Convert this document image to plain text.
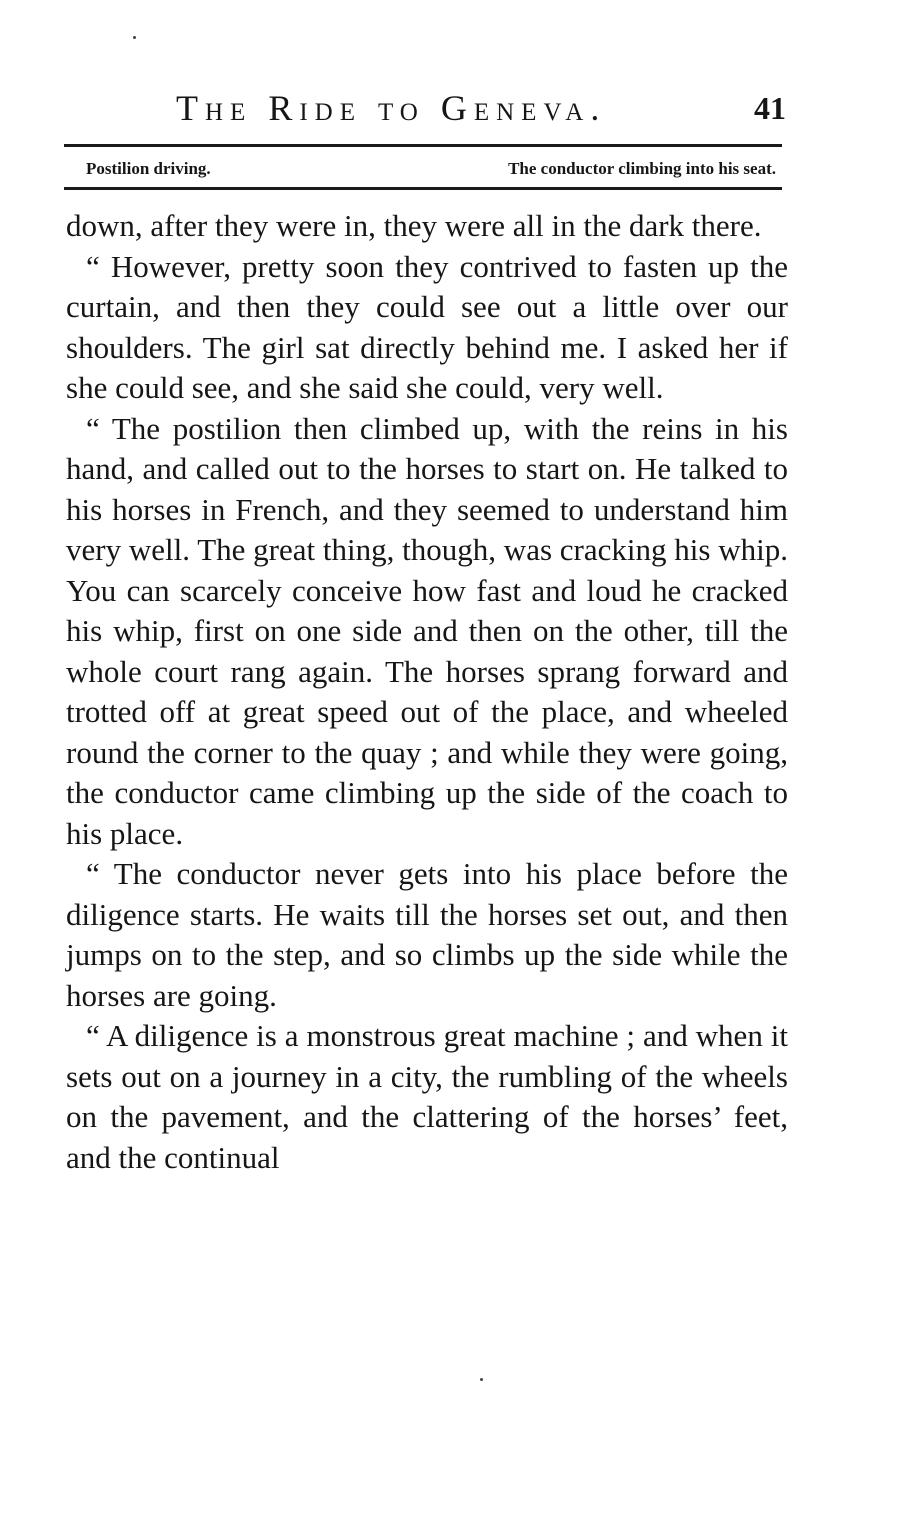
The Ride to Geneva.	41
Postilion driving.	The conductor climbing into his seat.

down, after they were in, they were all in the dark there.

“ However, pretty soon they contrived to fasten up the curtain, and then they could see out a little over our shoulders. The girl sat directly behind me. I asked her if she could see, and she said she could, very well.

“ The postilion then climbed up, with the reins in his hand, and called out to the horses to start on. He talked to his horses in French, and they seemed to understand him very well. The great thing, though, was cracking his whip. You can scarcely conceive how fast and loud he cracked his whip, first on one side and then on the other, till the whole court rang again. The horses sprang forward and trotted off at great speed out of the place, and wheeled round the corner to the quay ; and while they were going, the conductor came climbing up the side of the coach to his place.

“ The conductor never gets into his place before the diligence starts. He waits till the horses set out, and then jumps on to the step, and so climbs up the side while the horses are going.

“ A diligence is a monstrous great machine ; and when it sets out on a journey in a city, the rumbling of the wheels on the pavement, and the clattering of the horses’ feet, and the continual
